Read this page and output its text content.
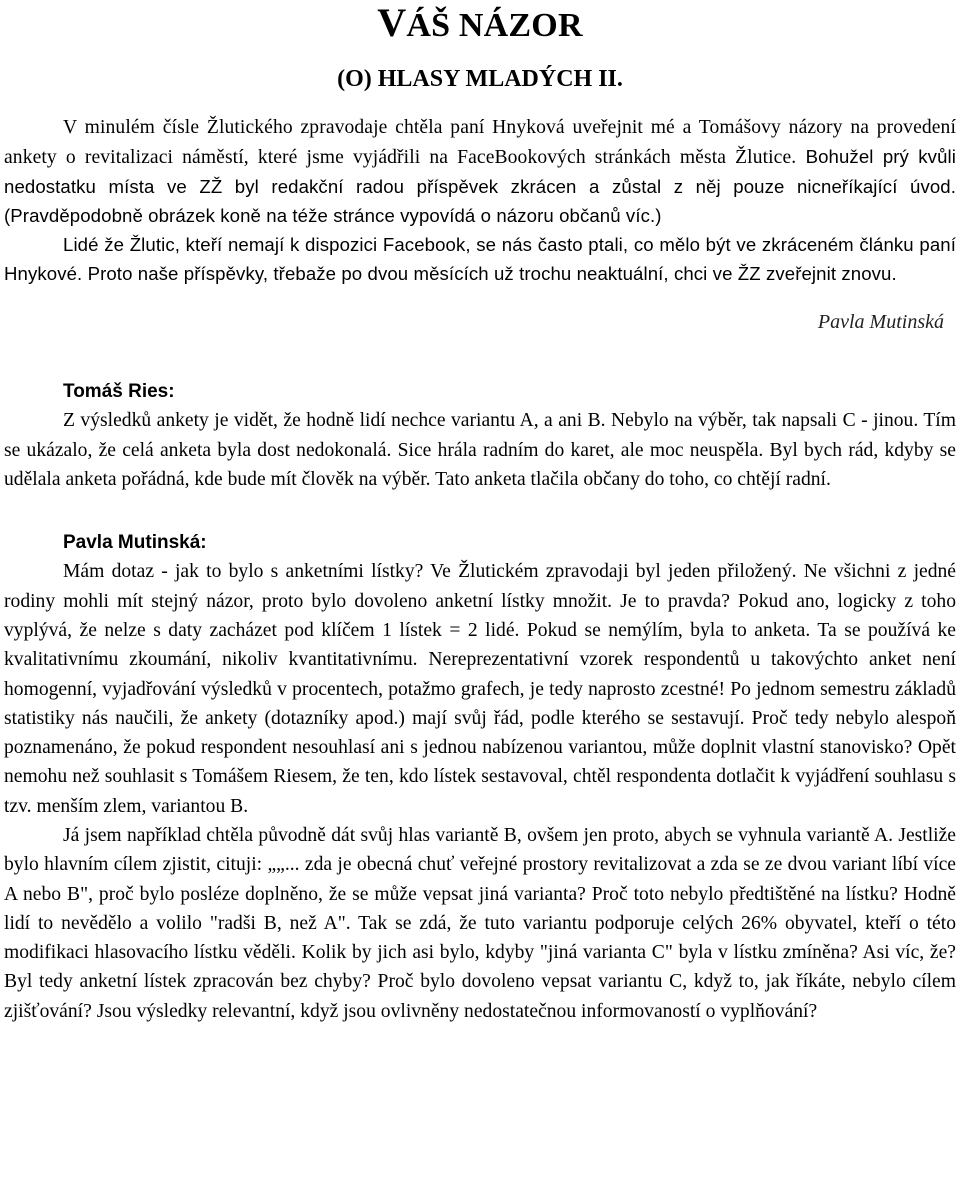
VÁŠ NÁZOR
(O) HLASY MLADÝCH II.

V minulém čísle Žlutického zpravodaje chtěla paní Hnyková uveřejnit mé a Tomášovy názory na provedení ankety o revitalizaci náměstí, které jsme vyjádřili na FaceBookových stránkách města Žlutice. Bohužel prý kvůli nedostatku místa ve ZŽ byl redakční radou příspěvek zkrácen a zůstal z něj pouze nicneříkající úvod. (Pravděpodobně obrázek koně na téže stránce vypovídá o názoru občanů víc.)

Lidé že Žlutic, kteří nemají k dispozici Facebook, se nás často ptali, co mělo být ve zkráceném článku paní Hnykové. Proto naše příspěvky, třebaže po dvou měsících už trochu neaktuální, chci ve ŽZ zveřejnit znovu.

Pavla Mutinská
Tomáš Ries:

Z výsledků ankety je vidět, že hodně lidí nechce variantu A, a ani B. Nebylo na výběr, tak napsali C - jinou. Tím se ukázalo, že celá anketa byla dost nedokonalá. Sice hrála radním do karet, ale moc neuspěla. Byl bych rád, kdyby se udělala anketa pořádná, kde bude mít člověk na výběr. Tato anketa tlačila občany do toho, co chtějí radní.

Pavla Mutinská:

Mám dotaz - jak to bylo s anketními lístky? Ve Žlutickém zpravodaji byl jeden přiložený. Ne všichni z jedné rodiny mohli mít stejný názor, proto bylo dovoleno anketní lístky množit. Je to pravda? Pokud ano, logicky z toho vyplývá, že nelze s daty zacházet pod klíčem 1 lístek = 2 lidé. Pokud se nemýlím, byla to anketa. Ta se používá ke kvalitativnímu zkoumání, nikoliv kvantitativnímu. Nereprezentativní vzorek respondentů u takovýchto anket není homogenní, vyjadřování výsledků v procentech, potažmo grafech, je tedy naprosto zcestné! Po jednom semestru základů statistiky nás naučili, že ankety (dotazníky apod.) mají svůj řád, podle kterého se sestavují. Proč tedy nebylo alespoň poznamenáno, že pokud respondent nesouhlasí ani s jednou nabízenou variantou, může doplnit vlastní stanovisko? Opět nemohu než souhlasit s Tomášem Riesem, že ten, kdo lístek sestavoval, chtěl respondenta dotlačit k vyjádření souhlasu s tzv. menším zlem, variantou B.

Já jsem například chtěla původně dát svůj hlas variantě B, ovšem jen proto, abych se vyhnula variantě A. Jestliže bylo hlavním cílem zjistit, cituji: „„... zda je obecná chuť veřejné prostory revitalizovat a zda se ze dvou variant líbí více A nebo B", proč bylo posléze doplněno, že se může vepsat jiná varianta? Proč toto nebylo předtištěné na lístku? Hodně lidí to nevědělo a volilo "radši B, než A". Tak se zdá, že tuto variantu podporuje celých 26% obyvatel, kteří o této modifikaci hlasovacího lístku věděli. Kolik by jich asi bylo, kdyby "jiná varianta C" byla v lístku zmíněna? Asi víc, že? Byl tedy anketní lístek zpracován bez chyby? Proč bylo dovoleno vepsat variantu C, když to, jak říkáte, nebylo cílem zjišťování? Jsou výsledky relevantní, když jsou ovlivněny nedostatečnou informovaností o vyplňování?
